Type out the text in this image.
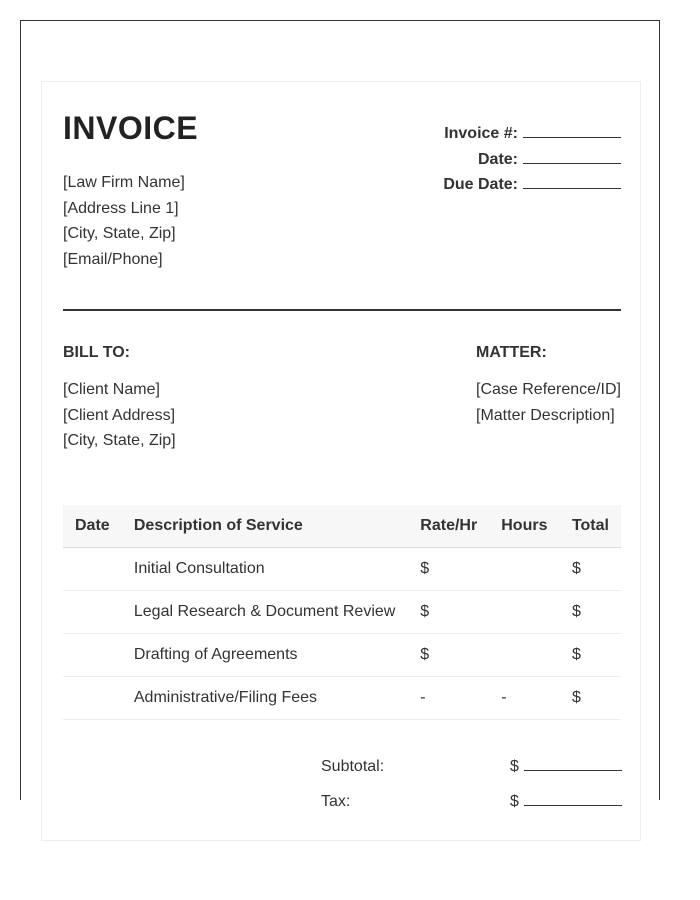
INVOICE
[Law Firm Name]
[Address Line 1]
[City, State, Zip]
[Email/Phone]
Invoice #:
Date:
Due Date:
BILL TO:
[Client Name]
[Client Address]
[City, State, Zip]
MATTER:
[Case Reference/ID]
[Matter Description]
Date	Description of Service	Rate/Hr	Hours	Total
	Initial Consultation	$		$
	Legal Research & Document Review	$		$
	Drafting of Agreements	$		$
	Administrative/Filing Fees	-	-	$
Subtotal:	$
Tax:	$
